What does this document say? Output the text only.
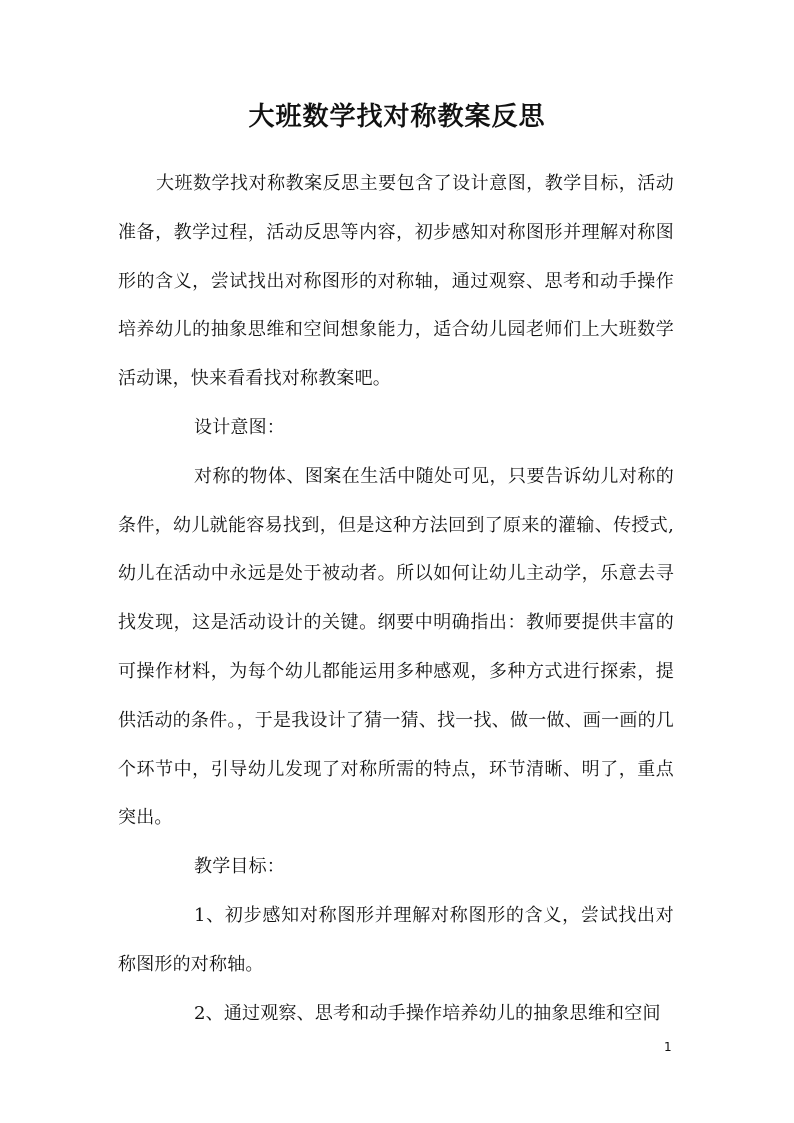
大班数学找对称教案反思

大班数学找对称教案反思主要包含了设计意图，教学目标，活动准备，教学过程，活动反思等内容，初步感知对称图形并理解对称图形的含义，尝试找出对称图形的对称轴，通过观察、思考和动手操作培养幼儿的抽象思维和空间想象能力，适合幼儿园老师们上大班数学活动课，快来看看找对称教案吧。

设计意图：

对称的物体、图案在生活中随处可见，只要告诉幼儿对称的条件，幼儿就能容易找到，但是这种方法回到了原来的灌输、传授式,幼儿在活动中永远是处于被动者。所以如何让幼儿主动学，乐意去寻找发现，这是活动设计的关键。纲要中明确指出：教师要提供丰富的可操作材料，为每个幼儿都能运用多种感观，多种方式进行探索，提供活动的条件。，于是我设计了猜一猜、找一找、做一做、画一画的几个环节中，引导幼儿发现了对称所需的特点，环节清晰、明了，重点突出。

教学目标：

1、初步感知对称图形并理解对称图形的含义，尝试找出对称图形的对称轴。

2、通过观察、思考和动手操作培养幼儿的抽象思维和空间

1
